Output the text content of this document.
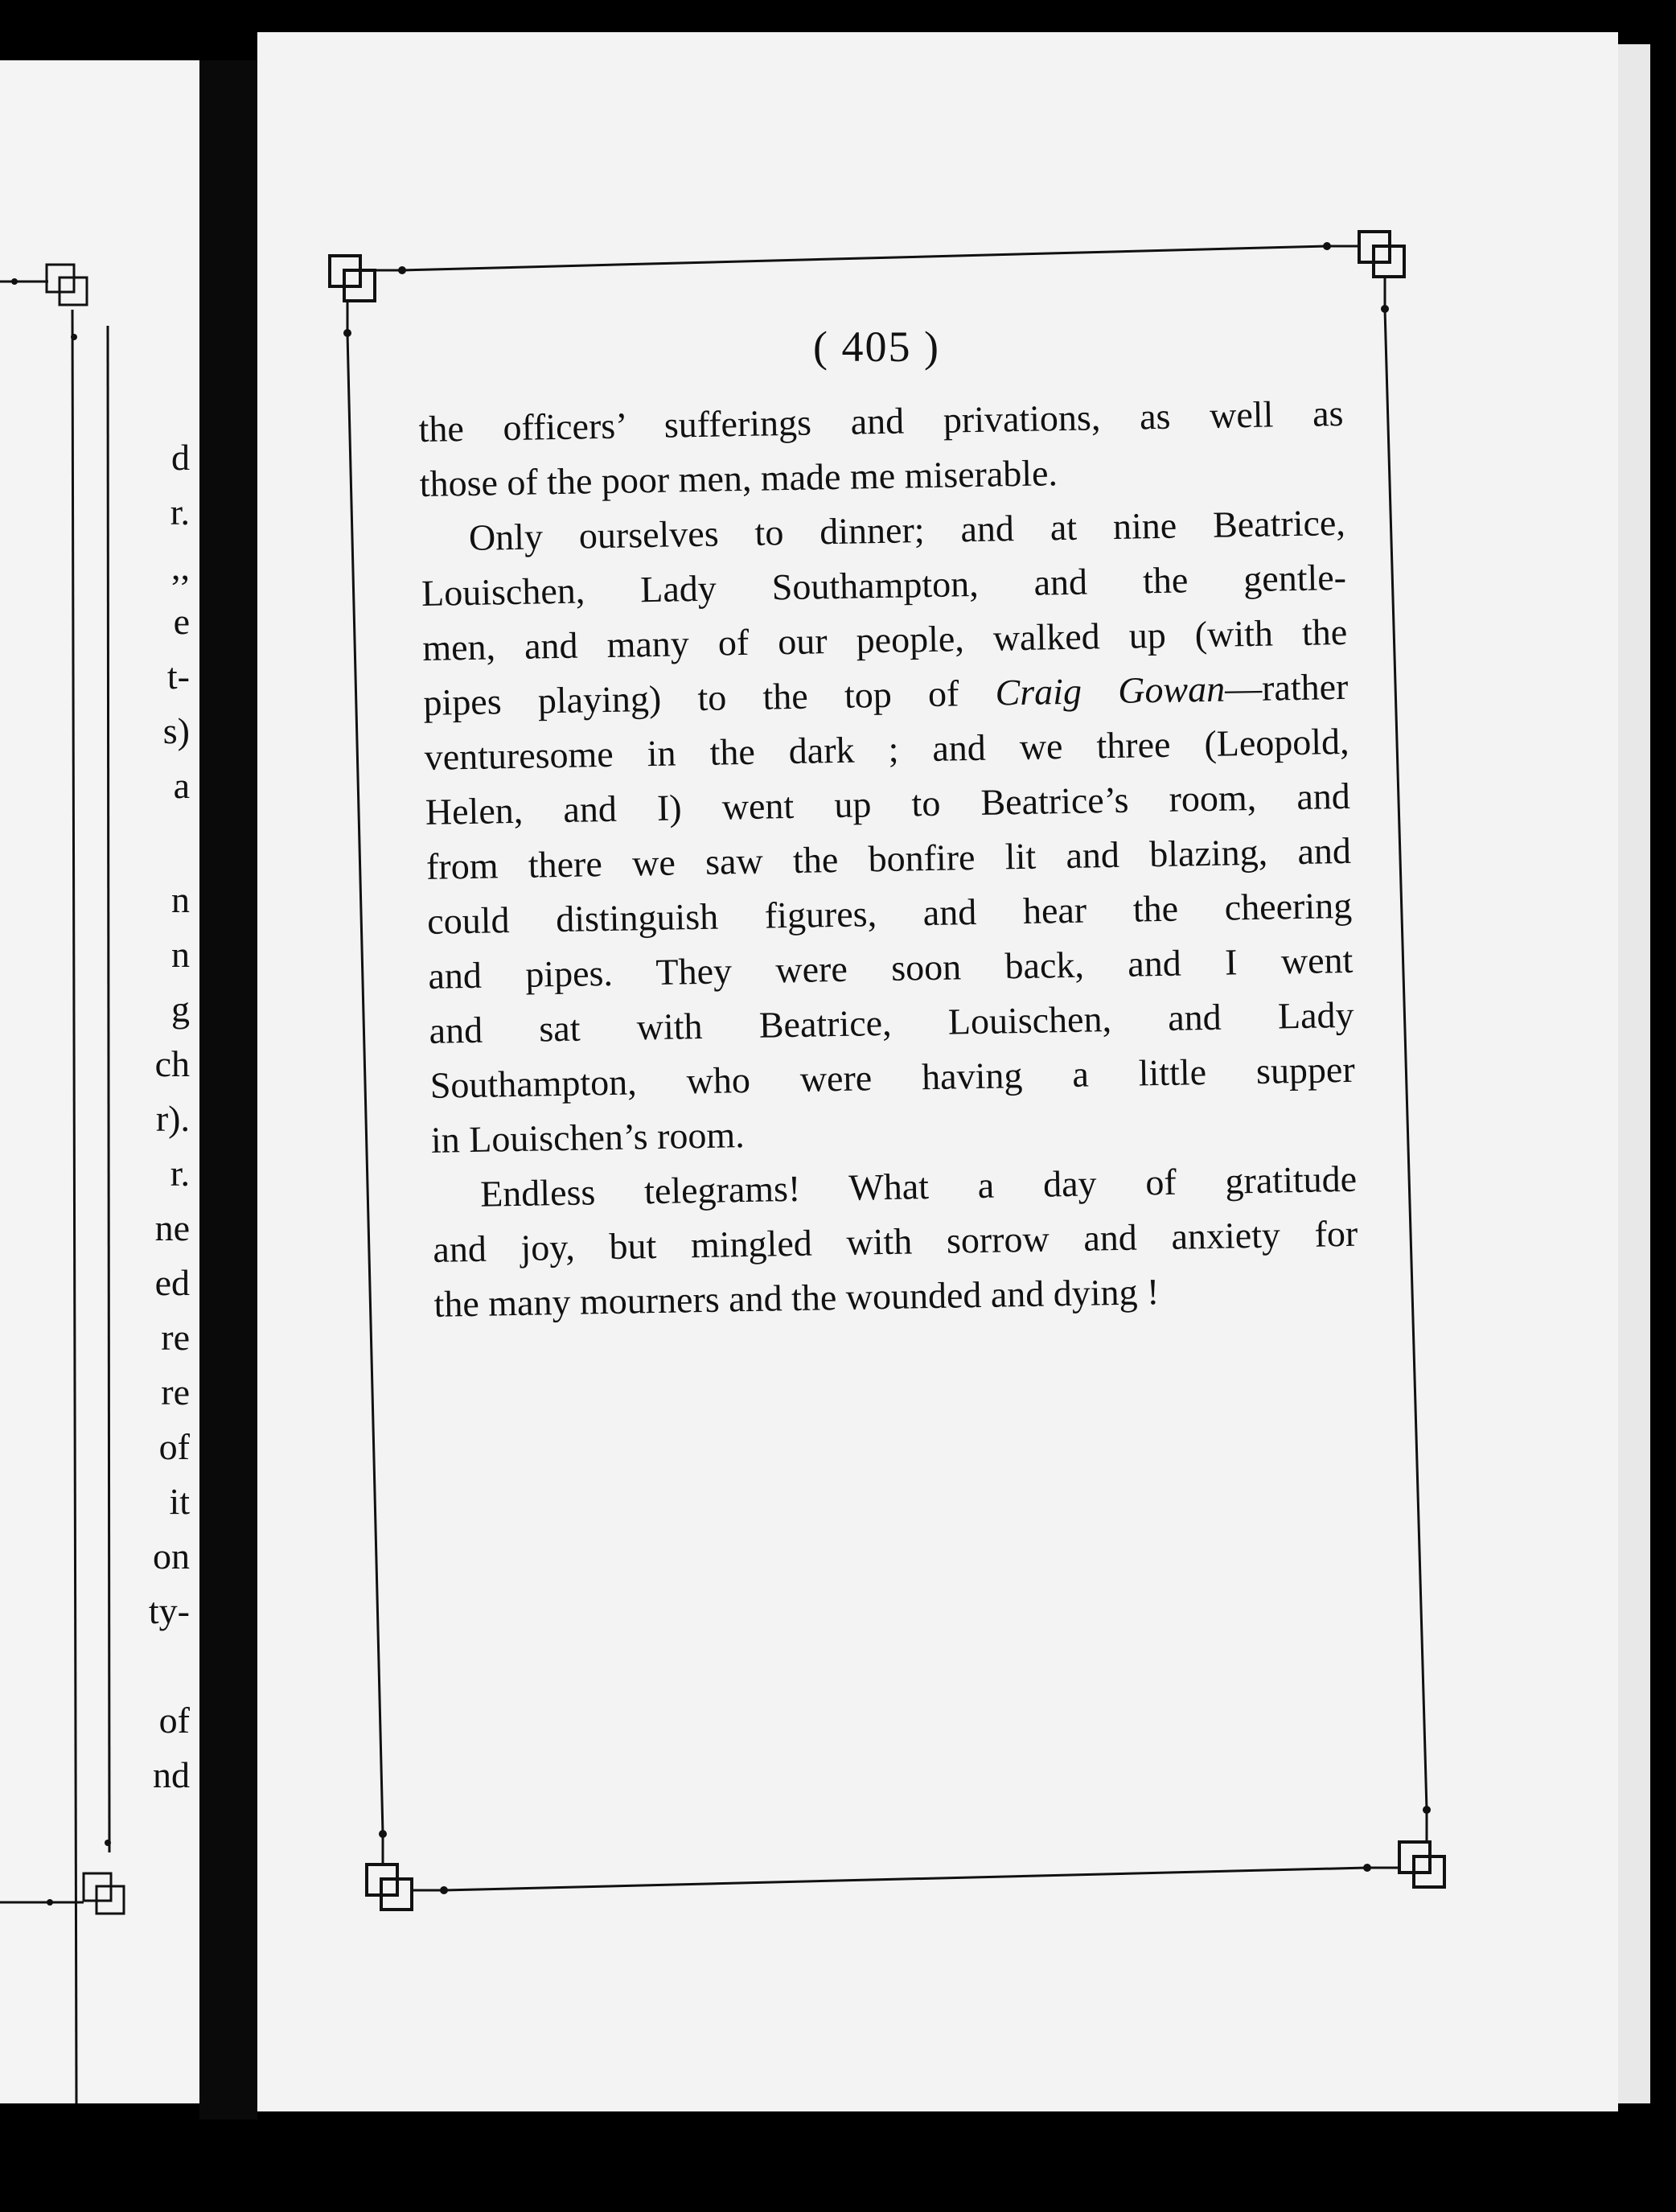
d
r.
,,
e
t-
s)
a
n
n
g
ch
r).
r.
ne
ed
re
re
of
it
on
ty-
of
nd
( 405 )
the officers’ sufferings and privations, as well as
those of the poor men, made me miserable.
Only ourselves to dinner; and at nine Beatrice,
Louischen, Lady Southampton, and the gentle-
men, and many of our people, walked up (with the
pipes playing) to the top of Craig Gowan—rather
venturesome in the dark ; and we three (Leopold,
Helen, and I) went up to Beatrice’s room, and
from there we saw the bonfire lit and blazing, and
could distinguish figures, and hear the cheering
and pipes. They were soon back, and I went
and sat with Beatrice, Louischen, and Lady
Southampton, who were having a little supper
in Louischen’s room.
Endless telegrams! What a day of gratitude
and joy, but mingled with sorrow and anxiety for
the many mourners and the wounded and dying !
